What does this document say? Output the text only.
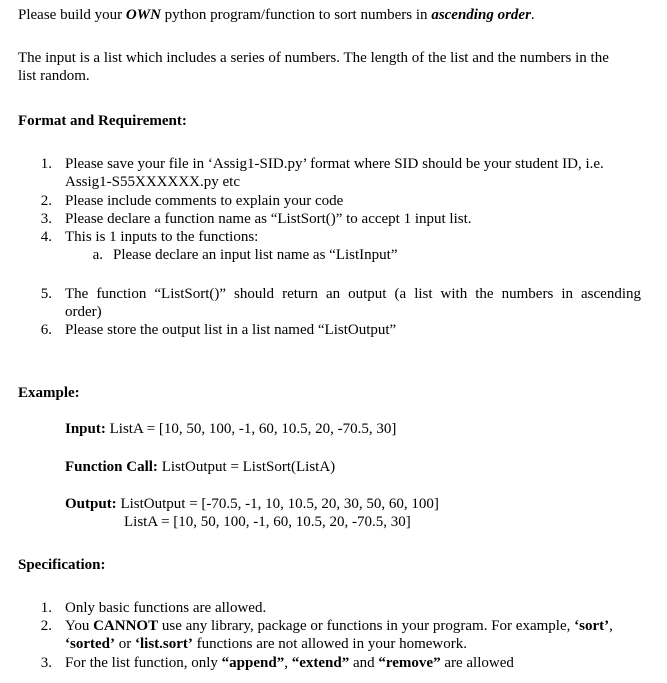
Please build your OWN python program/function to sort numbers in ascending order.
The input is a list which includes a series of numbers. The length of the list and the numbers in the
list random.
Format and Requirement:
1. Please save your file in ‘Assig1-SID.py’ format where SID should be your student ID, i.e.
Assig1-S55XXXXXX.py etc
2. Please include comments to explain your code
3. Please declare a function name as “ListSort()” to accept 1 input list.
4. This is 1 inputs to the functions:
a. Please declare an input list name as “ListInput”
5. The function “ListSort()” should return an output (a list with the numbers in ascending
order)
6. Please store the output list in a list named “ListOutput”
Example:
Input: ListA = [10, 50, 100, -1, 60, 10.5, 20, -70.5, 30]
Function Call: ListOutput = ListSort(ListA)
Output: ListOutput = [-70.5, -1, 10, 10.5, 20, 30, 50, 60, 100]
ListA = [10, 50, 100, -1, 60, 10.5, 20, -70.5, 30]
Specification:
1. Only basic functions are allowed.
2. You CANNOT use any library, package or functions in your program. For example, ‘sort’,
‘sorted’ or ‘list.sort’ functions are not allowed in your homework.
3. For the list function, only “append”, “extend” and “remove” are allowed
